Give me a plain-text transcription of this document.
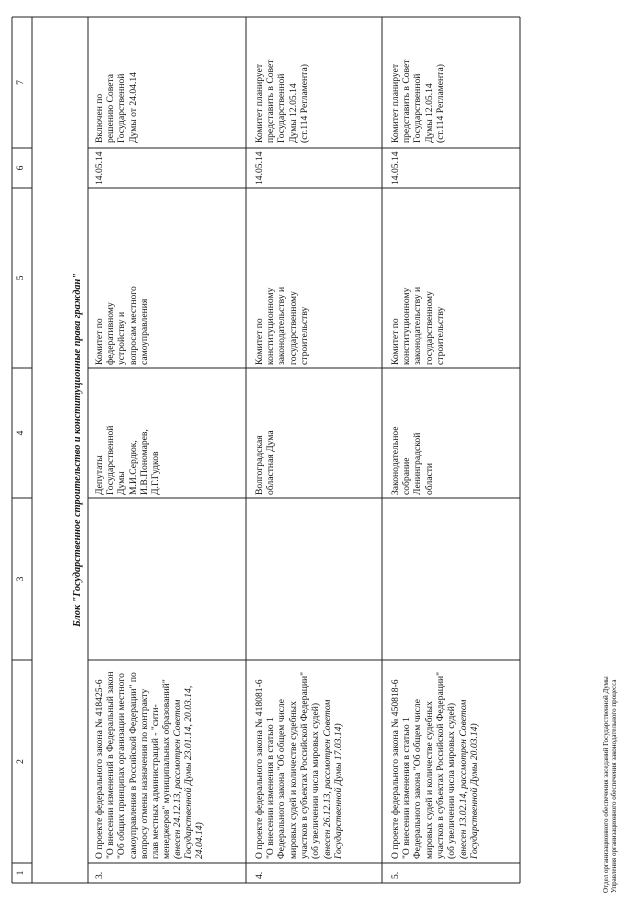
1
2
3
4
5
6
7
Блок "Государственное строительство и конституционные права граждан"
3.
О проекте федерального закона № 418425-6
"О внесении изменений в Федеральный закон
"Об общих принципах организации местного
самоуправления в Российской Федерации" по
вопросу отмены назначения по контракту
глав местных администраций - "сити-
менеджеров" муниципальных образований"
(внесен 24.12.13, рассмотрен Советом
Государственной Думы 23.01.14, 20.03.14,
24.04.14)
Депутаты
Государственной
Думы
М.И.Сердюк,
И.В.Пономарев,
Д.Г.Гудков
Комитет по
федеративному
устройству и
вопросам местного
самоуправления
14.05.14
Включен по
решению Совета
Государственной
Думы от 24.04.14
4.
О проекте федерального закона № 418081-6
"О внесении изменения в статью 1
Федерального закона "Об общем числе
мировых судей и количестве судебных
участков в субъектах Российской Федерации"
(об увеличении числа мировых судей)
(внесен 26.12.13, рассмотрен Советом
Государственной Думы 17.03.14)
Волгоградская
областная Дума
Комитет по
конституционному
законодательству и
государственному
строительству
14.05.14
Комитет планирует
представить в Совет
Государственной
Думы 12.05.14
(ст.114 Регламента)
5.
О проекте федерального закона № 450818-6
"О внесении изменения в статью 1
Федерального закона "Об общем числе
мировых судей и количестве судебных
участков в субъектах Российской Федерации"
(об увеличении числа мировых судей)
(внесен 13.02.14, рассмотрен Советом
Государственной Думы 20.03.14)
Законодательное
собрание
Ленинградской
области
Комитет по
конституционному
законодательству и
государственному
строительству
14.05.14
Комитет планирует
представить в Совет
Государственной
Думы 12.05.14
(ст.114 Регламента)
Отдел организационного обеспечения заседаний Государственной Думы
Управления организационного обеспечения законодательного процесса
